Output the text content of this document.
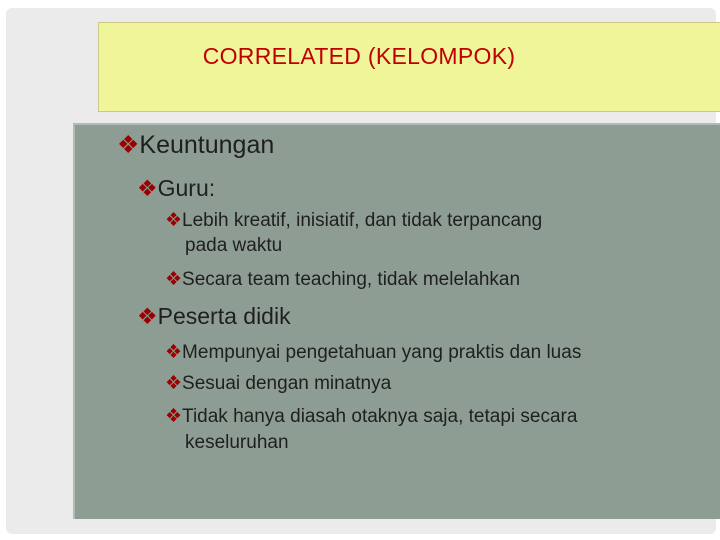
CORRELATED (KELOMPOK)
❖Keuntungan
❖Guru:
❖Lebih kreatif, inisiatif, dan tidak terpancang
pada waktu
❖Secara team teaching, tidak melelahkan
❖Peserta didik
❖Mempunyai pengetahuan yang praktis dan luas
❖Sesuai dengan minatnya
❖Tidak hanya diasah otaknya saja, tetapi secara
keseluruhan
